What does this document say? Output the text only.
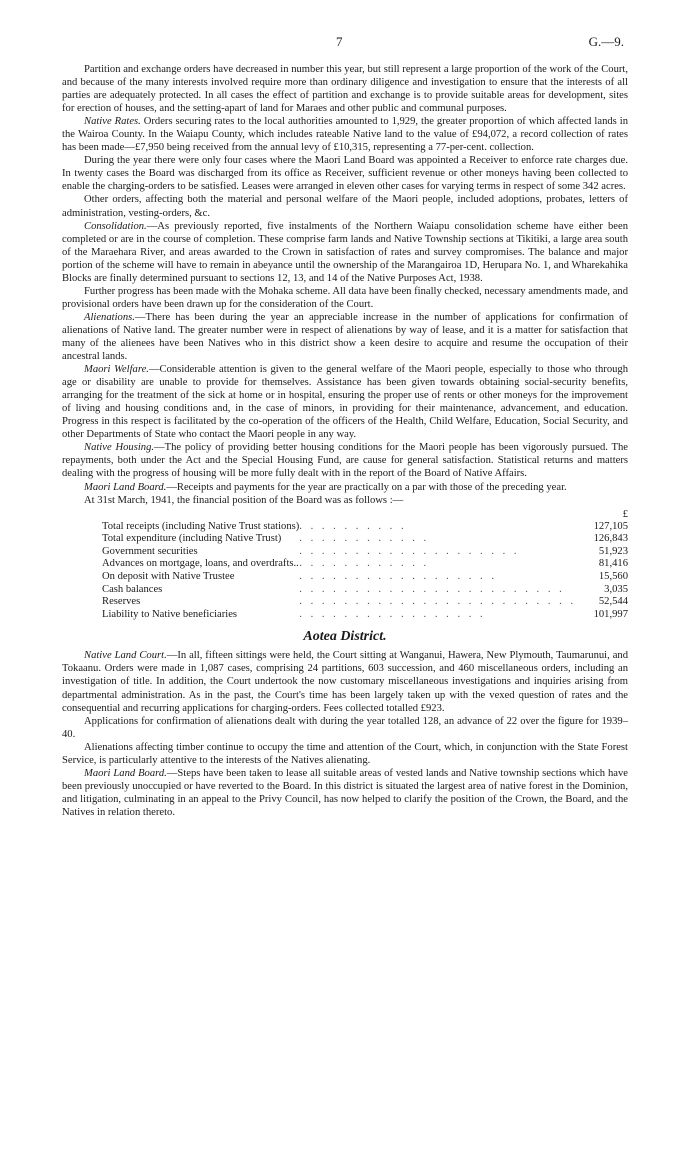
7	G.—9.

Partition and exchange orders have decreased in number this year, but still represent a large proportion of the work of the Court, and because of the many interests involved require more than ordinary diligence and investigation to ensure that the interests of all parties are adequately protected. In all cases the effect of partition and exchange is to provide suitable areas for development, sites for erection of houses, and the setting-apart of land for Maraes and other public and communal purposes.

Native Rates. Orders securing rates to the local authorities amounted to 1,929, the greater proportion of which affected lands in the Wairoa County. In the Waiapu County, which includes rateable Native land to the value of £94,072, a record collection of rates has been made—£7,950 being received from the annual levy of £10,315, representing a 77-per-cent. collection.

During the year there were only four cases where the Maori Land Board was appointed a Receiver to enforce rate charges due. In twenty cases the Board was discharged from its office as Receiver, sufficient revenue or other moneys having been collected to enable the charging-orders to be satisfied. Leases were arranged in eleven other cases for varying terms in respect of some 342 acres.

Other orders, affecting both the material and personal welfare of the Maori people, included adoptions, probates, letters of administration, vesting-orders, &c.

Consolidation.—As previously reported, five instalments of the Northern Waiapu consolidation scheme have either been completed or are in the course of completion. These comprise farm lands and Native Township sections at Tikitiki, a large area south of the Maraehara River, and areas awarded to the Crown in satisfaction of rates and survey compromises. The balance and major portion of the scheme will have to remain in abeyance until the ownership of the Marangairoa 1D, Herupara No. 1, and Wharekahika Blocks are finally determined pursuant to sections 12, 13, and 14 of the Native Purposes Act, 1938.

Further progress has been made with the Mohaka scheme. All data have been finally checked, necessary amendments made, and provisional orders have been drawn up for the consideration of the Court.

Alienations.—There has been during the year an appreciable increase in the number of applications for confirmation of alienations of Native land. The greater number were in respect of alienations by way of lease, and it is a matter for satisfaction that many of the alienees have been Natives who in this district show a keen desire to acquire and resume the occupation of their ancestral lands.

Maori Welfare.—Considerable attention is given to the general welfare of the Maori people, especially to those who through age or disability are unable to provide for themselves. Assistance has been given towards obtaining social-security benefits, arranging for the treatment of the sick at home or in hospital, ensuring the proper use of rents or other moneys for the improvement of living and housing conditions and, in the case of minors, in providing for their maintenance, advancement, and education. Progress in this respect is facilitated by the co-operation of the officers of the Health, Child Welfare, Education, Social Security, and other Departments of State who contact the Maori people in any way.

Native Housing.—The policy of providing better housing conditions for the Maori people has been vigorously pursued. The repayments, both under the Act and the Special Housing Fund, are cause for general satisfaction. Statistical returns and matters dealing with the progress of housing will be more fully dealt with in the report of the Board of Native Affairs.

Maori Land Board.—Receipts and payments for the year are practically on a par with those of the preceding year.

At 31st March, 1941, the financial position of the Board was as follows :—

		£
Total receipts (including Native Trust stations)	. . . . . . . . . .	127,105
Total expenditure (including Native Trust)	. . . . . . . . . . . .	126,843
Government securities	. . . . . . . . . . . . . . . . . . . .	51,923
Advances on mortgage, loans, and overdrafts..	. . . . . . . . . . . .	81,416
On deposit with Native Trustee	. . . . . . . . . . . . . . . . . .	15,560
Cash balances	. . . . . . . . . . . . . . . . . . . . . . . .	3,035
Reserves	. . . . . . . . . . . . . . . . . . . . . . . . .	52,544
Liability to Native beneficiaries	. . . . . . . . . . . . . . . . .	101,997

Aotea District.

Native Land Court.—In all, fifteen sittings were held, the Court sitting at Wanganui, Hawera, New Plymouth, Taumarunui, and Tokaanu. Orders were made in 1,087 cases, comprising 24 partitions, 603 succession, and 460 miscellaneous orders, including an investigation of title. In addition, the Court undertook the now customary miscellaneous investigations and inquiries arising from departmental administration. As in the past, the Court's time has been largely taken up with the vexed question of rates and the consequential and recurring applications for charging-orders. Fees collected totalled £923.

Applications for confirmation of alienations dealt with during the year totalled 128, an advance of 22 over the figure for 1939–40.

Alienations affecting timber continue to occupy the time and attention of the Court, which, in conjunction with the State Forest Service, is particularly attentive to the interests of the Natives alienating.

Maori Land Board.—Steps have been taken to lease all suitable areas of vested lands and Native township sections which have been previously unoccupied or have reverted to the Board. In this district is situated the largest area of native forest in the Dominion, and litigation, culminating in an appeal to the Privy Council, has now helped to clarify the position of the Crown, the Board, and the Natives in relation thereto.
